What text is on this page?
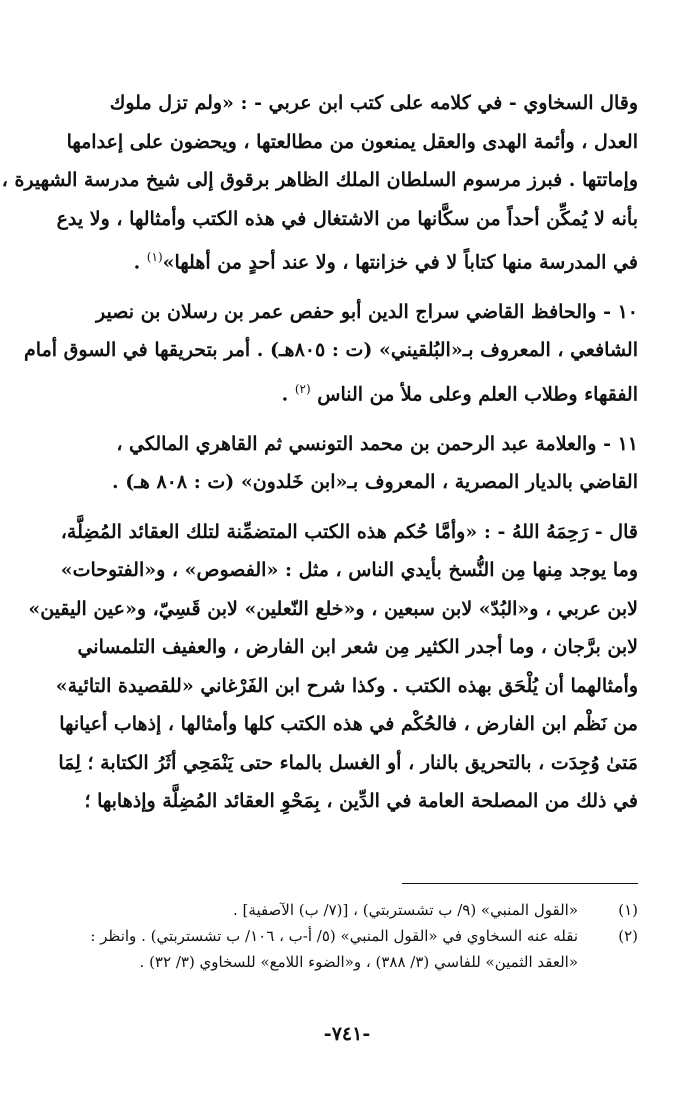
وقال السخاوي - في كلامه على كتب ابن عربي - : «ولم تزل ملوك
العدل ، وأئمة الهدى والعقل يمنعون من مطالعتها ، ويحضون على إعدامها
وإماتتها . فبرز مرسوم السلطان الملك الظاهر برقوق إلى شيخ مدرسة الشهيرة ،
بأنه لا يُمكِّن أحداً من سكَّانها من الاشتغال في هذه الكتب وأمثالها ، ولا يدع
في المدرسة منها كتاباً لا في خزانتها ، ولا عند أحدٍ من أهلها»$^{(١)}$ .
١٠ - والحافظ القاضي سراج الدين أبو حفص عمر بن رسلان بن نصير
الشافعي ، المعروف بـ«البُلقيني» (ت : ٨٠٥هـ) . أمر بتحريقها في السوق أمام
الفقهاء وطلاب العلم وعلى ملأ من الناس $^{(٢)}$ .
١١ - والعلامة عبد الرحمن بن محمد التونسي ثم القاهري المالكي ،
القاضي بالديار المصرية ، المعروف بـ«ابن خَلدون» (ت : ٨٠٨ هـ) .
قال - رَحِمَهُ اللهُ - : «وأمَّا حُكم هذه الكتب المتضمِّنة لتلك العقائد المُضِلَّة،
وما يوجد مِنها مِن النُّسخ بأيدي الناس ، مثل : «الفصوص» ، و«الفتوحات»
لابن عربي ، و«البُدّ» لابن سبعين ، و«خلع النّعلين» لابن قَسِيّ، و«عين اليقين»
لابن برَّجان ، وما أجدر الكثير مِن شعر ابن الفارض ، والعفيف التلمساني
وأمثالهما أن يُلْحَق بهذه الكتب . وكذا شرح ابن الفَرْغاني «للقصيدة التائية»
من نَظْم ابن الفارض ، فالحُكْم في هذه الكتب كلها وأمثالها ، إذهاب أعيانها
مَتىٰ وُجِدَت ، بالتحريق بالنار ، أو الغسل بالماء حتى يَنْمَحِي أثَرُ الكتابة ؛ لِمَا
في ذلك من المصلحة العامة في الدِّين ، بِمَحْوِ العقائد المُضِلَّة وإذهابها ؛
(١)
«القول المنبي» (٩/ ب تشستربتي) ، [(٧/ ب) الآصفية] .
(٢)
نقله عنه السخاوي في «القول المنبي» (٥/ أ-ب ، ١٠٦/ ب تشستربتي) . وانظر :
«العقد الثمين» للفاسي (٣/ ٣٨٨) ، و«الضوء اللامع» للسخاوي (٣/ ٣٢) .
-٧٤١-
